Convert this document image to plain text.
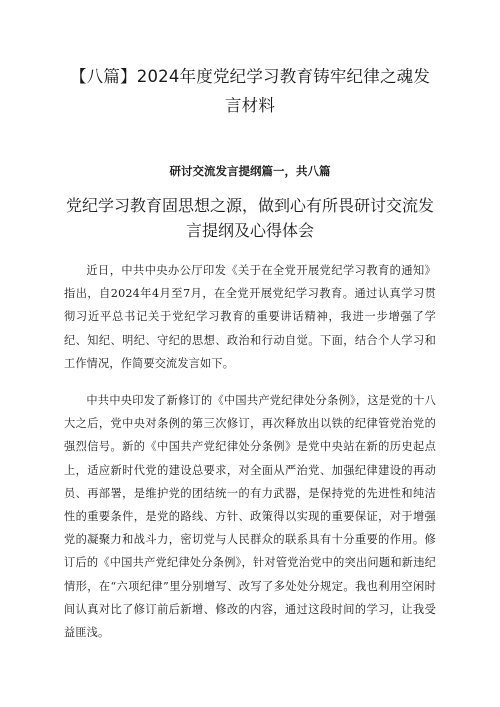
【八篇】2024年度党纪学习教育铸牢纪律之魂发言材料
研讨交流发言提纲篇一，共八篇
党纪学习教育固思想之源，做到心有所畏研讨交流发言提纲及心得体会

近日，中共中央办公厅印发《关于在全党开展党纪学习教育的通知》指出，自2024年4月至7月，在全党开展党纪学习教育。通过认真学习贯彻习近平总书记关于党纪学习教育的重要讲话精神，我进一步增强了学纪、知纪、明纪、守纪的思想、政治和行动自觉。下面，结合个人学习和工作情况，作简要交流发言如下。

中共中央印发了新修订的《中国共产党纪律处分条例》，这是党的十八大之后，党中央对条例的第三次修订，再次释放出以铁的纪律管党治党的强烈信号。新的《中国共产党纪律处分条例》是党中央站在新的历史起点上，适应新时代党的建设总要求，对全面从严治党、加强纪律建设的再动员、再部署，是维护党的团结统一的有力武器，是保持党的先进性和纯洁性的重要条件，是党的路线、方针、政策得以实现的重要保证，对于增强党的凝聚力和战斗力，密切党与人民群众的联系具有十分重要的作用。修订后的《中国共产党纪律处分条例》，针对管党治党中的突出问题和新违纪情形，在“六项纪律”里分别增写、改写了多处处分规定。我也利用空闲时间认真对比了修订前后新增、修改的内容，通过这段时间的学习，让我受益匪浅。
